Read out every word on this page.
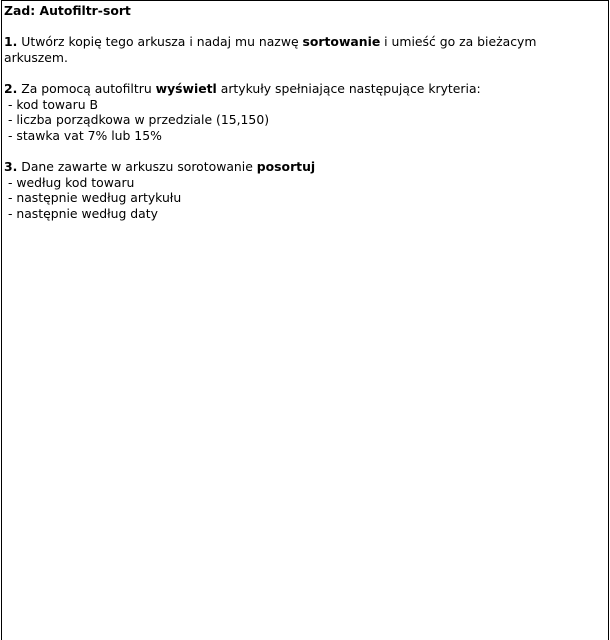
Zad: Autofiltr-sort

1. Utwórz kopię tego arkusza i nadaj mu nazwę sortowanie i umieść go za bieżacym arkuszem.

2. Za pomocą autofiltru wyświetl artykuły spełniające następujące kryteria:

- kod towaru B

- liczba porządkowa w przedziale (15,150)

- stawka vat 7% lub 15%

3. Dane zawarte w arkuszu sorotowanie posortuj

- według kod towaru

- następnie według artykułu

- następnie według daty
